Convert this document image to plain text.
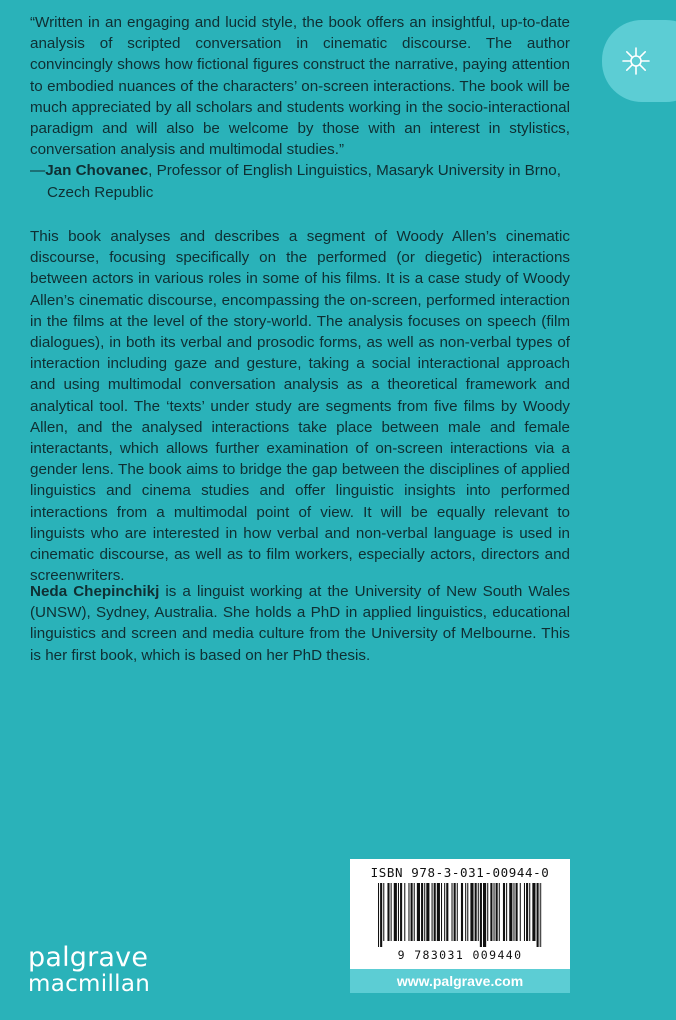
“Written in an engaging and lucid style, the book offers an insightful, up-to-date analysis of scripted conversation in cinematic discourse. The author convincingly shows how fictional figures construct the narrative, paying attention to embodied nuances of the characters’ on-screen interactions. The book will be much appreciated by all scholars and students working in the socio-interactional paradigm and will also be welcome by those with an interest in stylistics, conversation analysis and multimodal studies.”

—Jan Chovanec, Professor of English Linguistics, Masaryk University in Brno,
Czech Republic

This book analyses and describes a segment of Woody Allen’s cinematic discourse, focusing specifically on the performed (or diegetic) interactions between actors in various roles in some of his films. It is a case study of Woody Allen’s cinematic discourse, encompassing the on-screen, performed interaction in the films at the level of the story-world. The analysis focuses on speech (film dialogues), in both its verbal and prosodic forms, as well as non-verbal types of interaction including gaze and gesture, taking a social interactional approach and using multimodal conversation analysis as a theoretical framework and analytical tool. The ‘texts’ under study are segments from five films by Woody Allen, and the analysed interactions take place between male and female interactants, which allows further examination of on-screen interactions via a gender lens. The book aims to bridge the gap between the disciplines of applied linguistics and cinema studies and offer linguistic insights into performed interactions from a multimodal point of view. It will be equally relevant to linguists who are interested in how verbal and non-verbal language is used in cinematic discourse, as well as to film workers, especially actors, directors and screenwriters.

Neda Chepinchikj is a linguist working at the University of New South Wales (UNSW), Sydney, Australia. She holds a PhD in applied linguistics, educational linguistics and screen and media culture from the University of Melbourne. This is her first book, which is based on her PhD thesis.

palgrave
macmillan
ISBN 978-3-031-00944-0
9 783031 009440
www.palgrave.com
